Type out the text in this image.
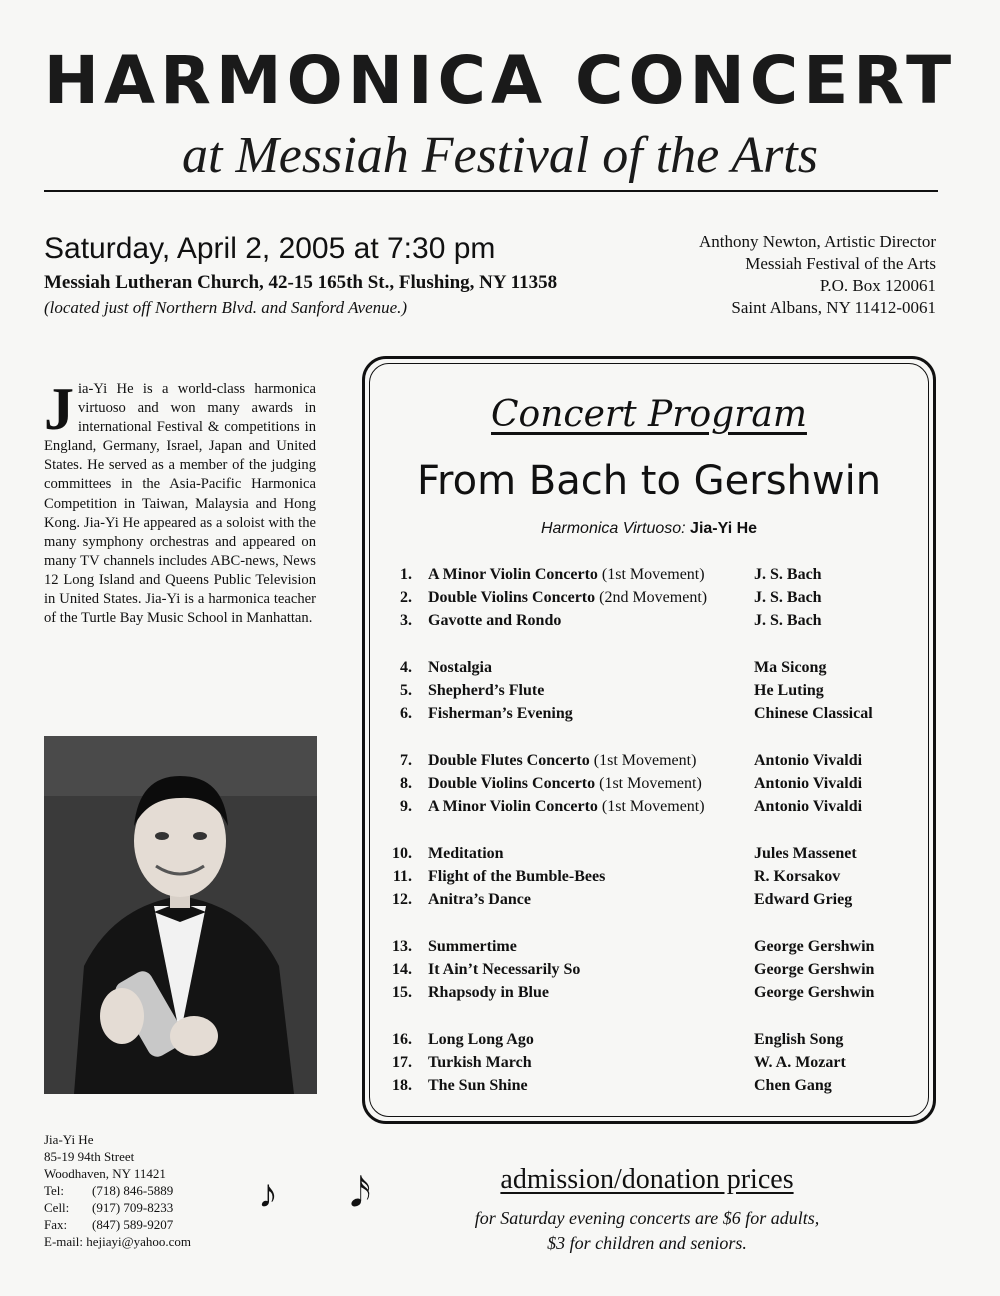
HARMONICA CONCERT
at Messiah Festival of the Arts
Saturday, April 2, 2005 at 7:30 pm
Messiah Lutheran Church, 42-15 165th St., Flushing, NY 11358
(located just off Northern Blvd. and Sanford Avenue.)
Anthony Newton, Artistic Director
Messiah Festival of the Arts
P.O. Box 120061
Saint Albans, NY 11412-0061
Jia-Yi He is a world-class harmonica virtuoso and won many awards in international Festival & competitions in England, Germany, Israel, Japan and United States. He served as a member of the judging committees in the Asia-Pacific Harmonica Competition in Taiwan, Malaysia and Hong Kong. Jia-Yi He appeared as a soloist with the many symphony orchestras and appeared on many TV channels includes ABC-news, News 12 Long Island and Queens Public Television in United States. Jia-Yi is a harmonica teacher of the Turtle Bay Music School in Manhattan.
Jia-Yi He
85-19 94th Street
Woodhaven, NY 11421
Tel: (718) 846-5889
Cell: (917) 709-8233
Fax: (847) 589-9207
E-mail: hejiayi@yahoo.com
♪ 𝅘𝅥𝅯
Concert Program
From Bach to Gershwin
Harmonica Virtuoso: Jia-Yi He
1. A Minor Violin Concerto (1st Movement)	J. S. Bach
2. Double Violins Concerto (2nd Movement)	J. S. Bach
3. Gavotte and Rondo	J. S. Bach
4. Nostalgia	Ma Sicong
5. Shepherd’s Flute	He Luting
6. Fisherman’s Evening	Chinese Classical
7. Double Flutes Concerto (1st Movement)	Antonio Vivaldi
8. Double Violins Concerto (1st Movement)	Antonio Vivaldi
9. A Minor Violin Concerto (1st Movement)	Antonio Vivaldi
10. Meditation	Jules Massenet
11. Flight of the Bumble-Bees	R. Korsakov
12. Anitra’s Dance	Edward Grieg
13. Summertime	George Gershwin
14. It Ain’t Necessarily So	George Gershwin
15. Rhapsody in Blue	George Gershwin
16. Long Long Ago	English Song
17. Turkish March	W. A. Mozart
18. The Sun Shine	Chen Gang
admission/donation prices
for Saturday evening concerts are $6 for adults,
$3 for children and seniors.
